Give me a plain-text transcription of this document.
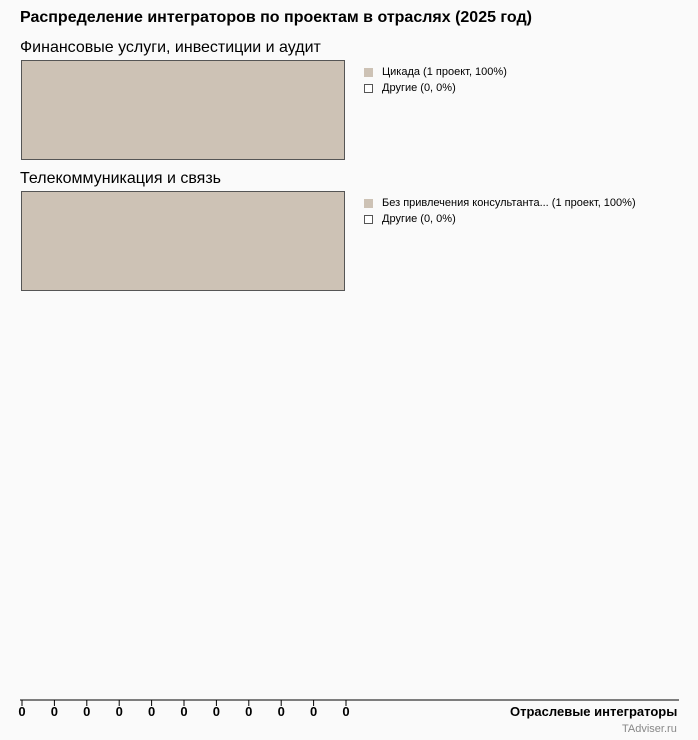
Распределение интеграторов по проектам в отраслях (2025 год)
Финансовые услуги, инвестиции и аудит
Цикада (1 проект, 100%)
Другие (0, 0%)
Телекоммуникация и связь
Без привлечения консультанта... (1 проект, 100%)
Другие (0, 0%)
0 0 0 0 0 0 0 0 0 0 0	Отраслевые интеграторы
TAdviser.ru
